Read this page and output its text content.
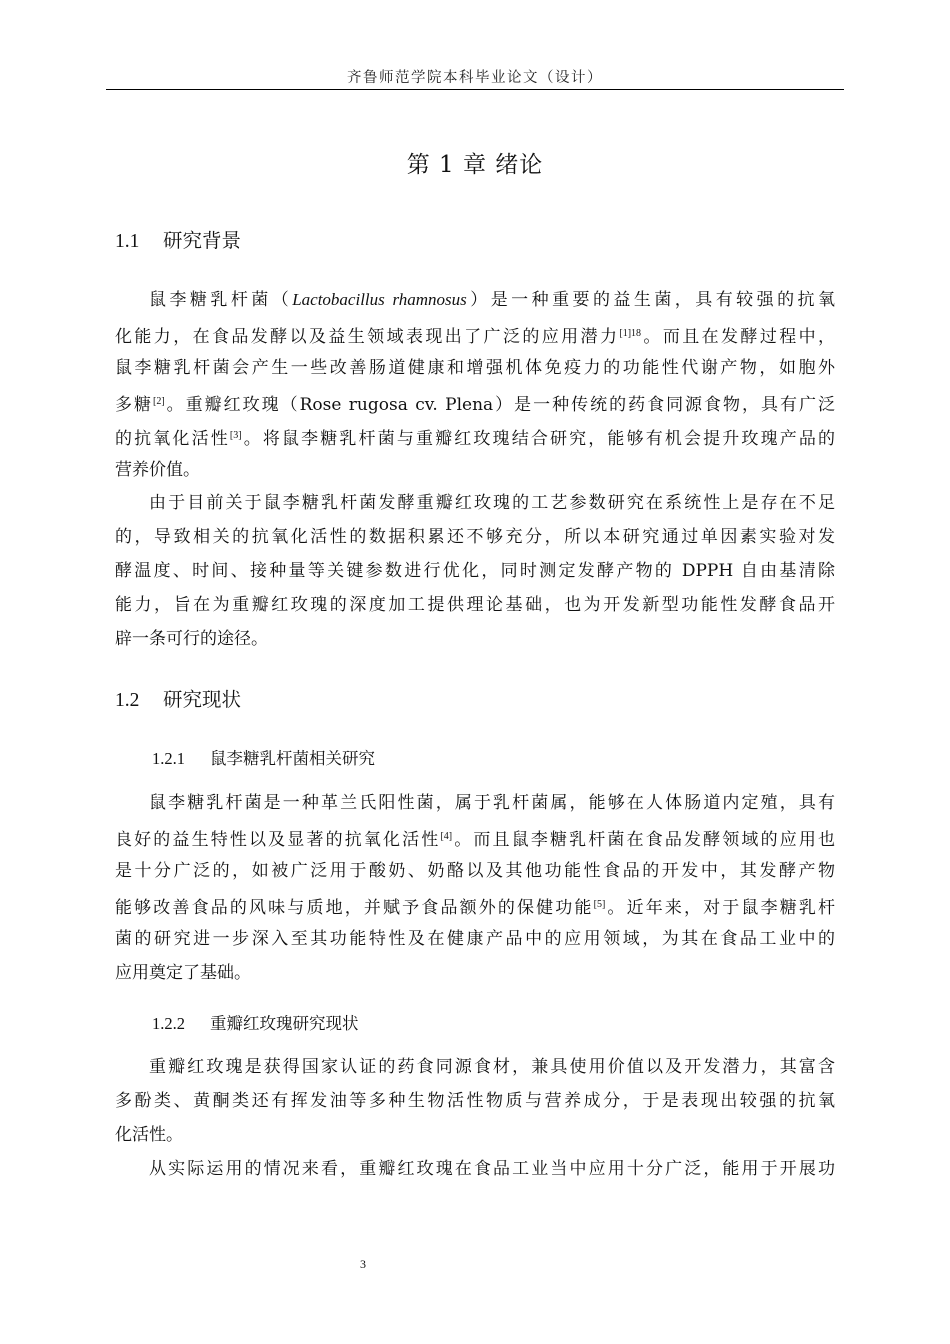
齐鲁师范学院本科毕业论文（设计）
第 1 章 绪论
1.1 研究背景
鼠李糖乳杆菌（Lactobacillus rhamnosus）是一种重要的益生菌，具有较强的抗氧
化能力，在食品发酵以及益生领域表现出了广泛的应用潜力$^{[1]18}$。而且在发酵过程中，
鼠李糖乳杆菌会产生一些改善肠道健康和增强机体免疫力的功能性代谢产物，如胞外
多糖[2]。重瓣红玫瑰（Rose rugosa cv. Plena）是一种传统的药食同源食物，具有广泛
的抗氧化活性[3]。将鼠李糖乳杆菌与重瓣红玫瑰结合研究，能够有机会提升玫瑰产品的
营养价值。
由于目前关于鼠李糖乳杆菌发酵重瓣红玫瑰的工艺参数研究在系统性上是存在不足
的，导致相关的抗氧化活性的数据积累还不够充分，所以本研究通过单因素实验对发
酵温度、时间、接种量等关键参数进行优化，同时测定发酵产物的 DPPH 自由基清除
能力，旨在为重瓣红玫瑰的深度加工提供理论基础，也为开发新型功能性发酵食品开
辟一条可行的途径。
1.2 研究现状
1.2.1 鼠李糖乳杆菌相关研究
鼠李糖乳杆菌是一种革兰氏阳性菌，属于乳杆菌属，能够在人体肠道内定殖，具有
良好的益生特性以及显著的抗氧化活性[4]。而且鼠李糖乳杆菌在食品发酵领域的应用也
是十分广泛的，如被广泛用于酸奶、奶酪以及其他功能性食品的开发中，其发酵产物
能够改善食品的风味与质地，并赋予食品额外的保健功能[5]。近年来，对于鼠李糖乳杆
菌的研究进一步深入至其功能特性及在健康产品中的应用领域，为其在食品工业中的
应用奠定了基础。
1.2.2 重瓣红玫瑰研究现状
重瓣红玫瑰是获得国家认证的药食同源食材，兼具使用价值以及开发潜力，其富含
多酚类、黄酮类还有挥发油等多种生物活性物质与营养成分，于是表现出较强的抗氧
化活性。
从实际运用的情况来看，重瓣红玫瑰在食品工业当中应用十分广泛，能用于开展功
3
